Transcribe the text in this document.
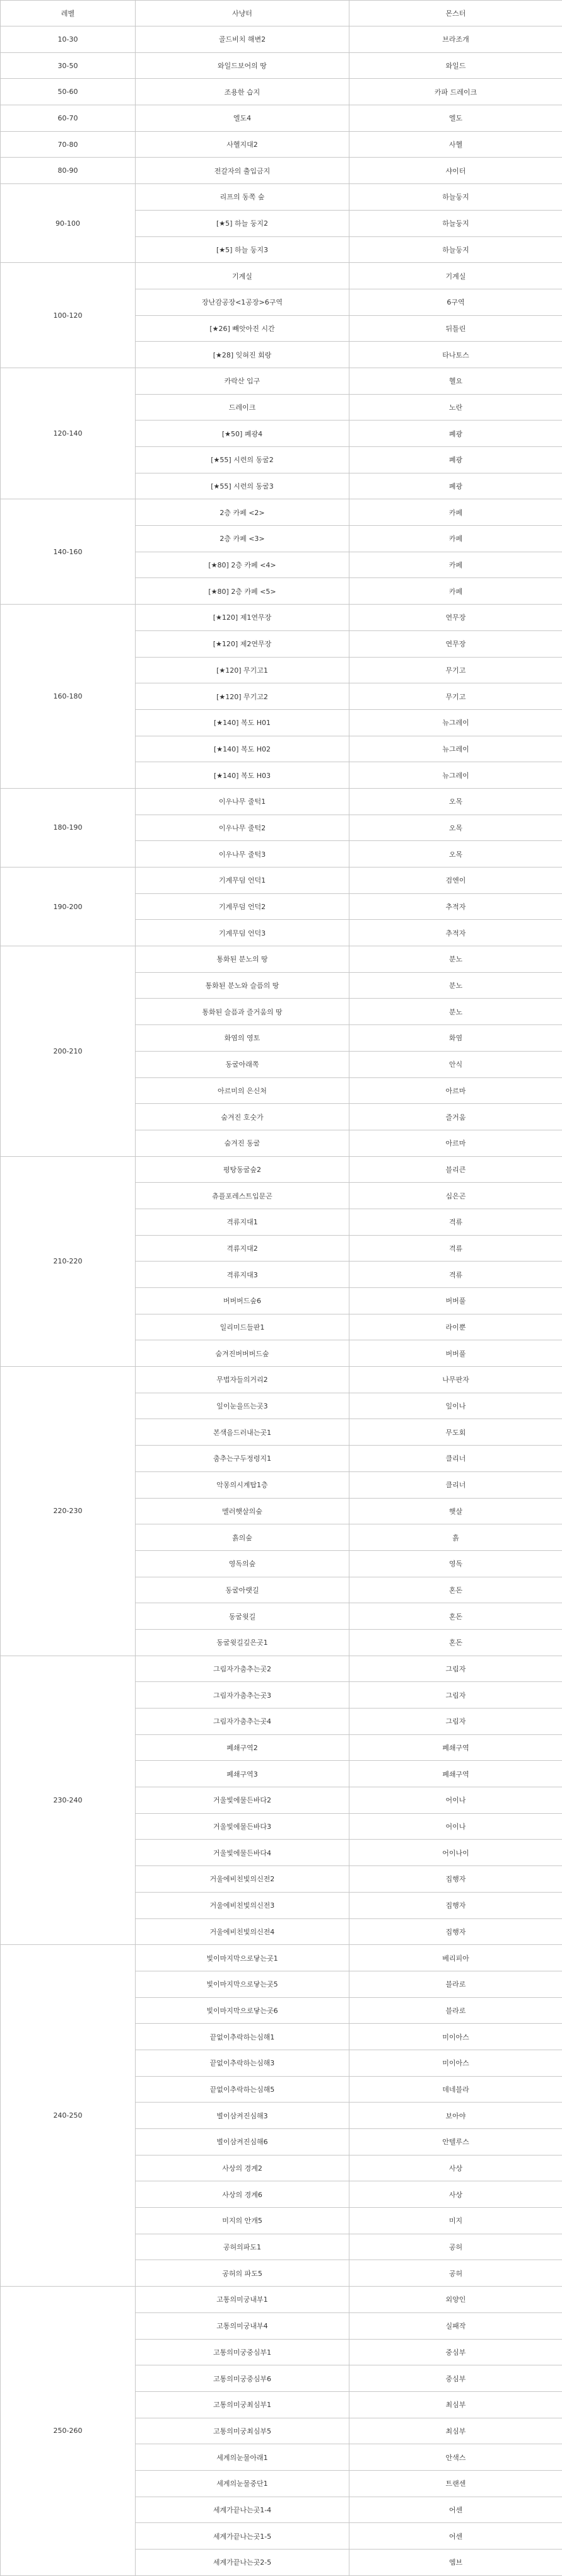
레벨	사냥터	몬스터
10-30	골드비치 해변2	브라조개
30-50	와일드보어의 땅	와일드
50-60	조용한 습지	카파 드레이크
60-70	엘도4	엘도
70-80	사헬지대2	사헬
80-90	전갈자의 출입금지	샤이터
90-100	리프의 동쪽 숲	하늘둥지
	[★5] 하늘 둥지2	하늘둥지
	[★5] 하늘 둥지3	하늘둥지
100-120	기계실	기계실
	장난감공장<1공장>6구역	6구역
	[★26] 빼앗아진 시간	뒤틀린
	[★28] 잊혀진 회랑	타나토스
120-140	카락산 입구	헬요
	드레이크	노란
	[★50] 폐광4	폐광
	[★55] 시련의 동굴2	폐광
	[★55] 시련의 동굴3	폐광
140-160	2층 카페 <2>	카페
	2층 카페 <3>	카페
	[★80] 2층 카페 <4>	카페
	[★80] 2층 카페 <5>	카페
160-180	[★120] 제1연무장	연무장
	[★120] 제2연무장	연무장
	[★120] 무기고1	무기고
	[★120] 무기고2	무기고
	[★140] 복도 H01	뉴그레이
	[★140] 복도 H02	뉴그레이
	[★140] 복도 H03	뉴그레이
180-190	이우나무 줄턱1	오목
	이우나무 줄턱2	오목
	이우나무 줄턱3	오목
190-200	기계무덤 언덕1	검엔이
	기계무덤 언덕2	추적자
	기계무덤 언덕3	추적자
200-210	통화된 분노의 땅	분노
	통화된 분노와 슬픔의 땅	분노
	통화된 슬픔과 즐거움의 땅	분노
	화염의 영토	화염
	동굴아래쪽	안식
	아르미의 은신처	아르마
	숨겨진 호숫가	즐거움
	숨겨진 동굴	아르마
210-220	평탕동굴숲2	블리큰
	츄플포레스트입문곤	십은곤
	격류지대1	격류
	격류지대2	격류
	격류지대3	격류
	버버버드숲6	버버풀
	일리미드들판1	라이뿐
	숨겨진버버버드숲	버버풀
220-230	무법자들의거리2	나무판자
	잎이눈을뜨는곳3	잎이나
	본색을드러내는곳1	무도회
	춤추는구두정령지1	클리너
	악몽의시계탑1층	클리너
	멜러햇살의숲	햇살
	흙의숲	흙
	영독의숲	영독
	동굴아랫길	혼돈
	동굴윗길	혼돈
	동굴윗길깊은곳1	혼돈
230-240	그림자가춤추는곳2	그림자
	그림자가춤추는곳3	그림자
	그림자가춤추는곳4	그림자
	폐쇄구역2	폐쇄구역
	폐쇄구역3	폐쇄구역
	거울빛에물든바다2	어이나
	거울빛에물든바다3	어이나
	거울빛에물든바다4	어이나이
	거울에비친빛의신전2	집행자
	거울에비친빛의신전3	집행자
	거울에비친빛의신전4	집행자
240-250	빛이마지막으로닿는곳1	베리피아
	빛이마지막으로닿는곳5	블라로
	빛이마지막으로닿는곳6	블라로
	끝없이추락하는심해1	미이아스
	끝없이추락하는심해3	미이아스
	끝없이추락하는심해5	데네블라
	별이삼켜진심해3	보아야
	별이삼켜진심해6	안텔루스
	사상의 경계2	사상
	사상의 경계6	사상
	미지의 안개5	미지
	공허의파도1	공허
	공허의 파도5	공허
250-260	고통의미궁내부1	외양인
	고통의미궁내부4	실패작
	고통의미궁중심부1	중심부
	고통의미궁중심부6	중심부
	고통의미궁최심부1	최심부
	고통의미궁최심부5	최심부
	세계의눈물아래1	안색스
	세계의눈물중단1	트랜센
	세계가끝나는곳1-4	어센
	세계가끝나는곳1-5	어센
	세계가끝나는곳2-5	엠브
